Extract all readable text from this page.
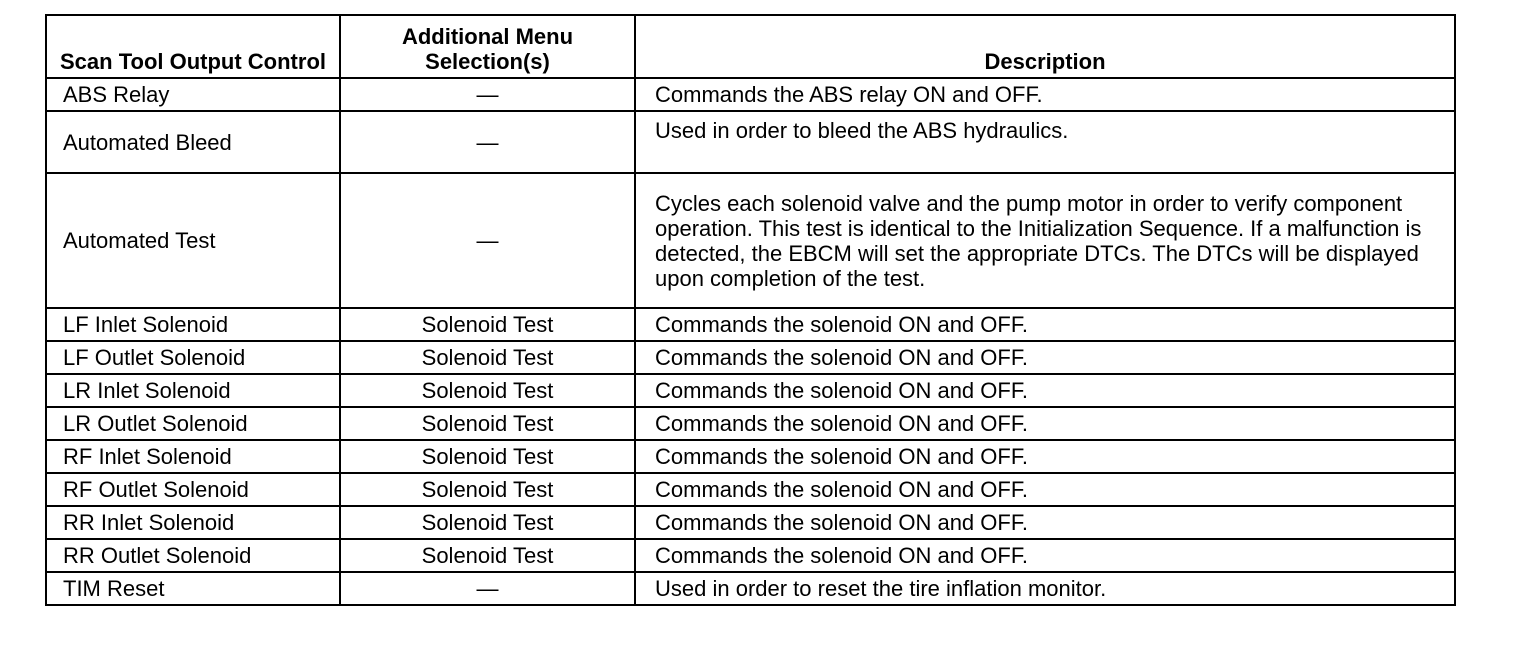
Scan Tool Output Control	Additional Menu Selection(s)	Description
ABS Relay	—	Commands the ABS relay ON and OFF.
Automated Bleed	—	Used in order to bleed the ABS hydraulics.
Automated Test	—	Cycles each solenoid valve and the pump motor in order to verify component operation. This test is identical to the Initialization Sequence. If a malfunction is detected, the EBCM will set the appropriate DTCs. The DTCs will be displayed upon completion of the test.
LF Inlet Solenoid	Solenoid Test	Commands the solenoid ON and OFF.
LF Outlet Solenoid	Solenoid Test	Commands the solenoid ON and OFF.
LR Inlet Solenoid	Solenoid Test	Commands the solenoid ON and OFF.
LR Outlet Solenoid	Solenoid Test	Commands the solenoid ON and OFF.
RF Inlet Solenoid	Solenoid Test	Commands the solenoid ON and OFF.
RF Outlet Solenoid	Solenoid Test	Commands the solenoid ON and OFF.
RR Inlet Solenoid	Solenoid Test	Commands the solenoid ON and OFF.
RR Outlet Solenoid	Solenoid Test	Commands the solenoid ON and OFF.
TIM Reset	—	Used in order to reset the tire inflation monitor.
